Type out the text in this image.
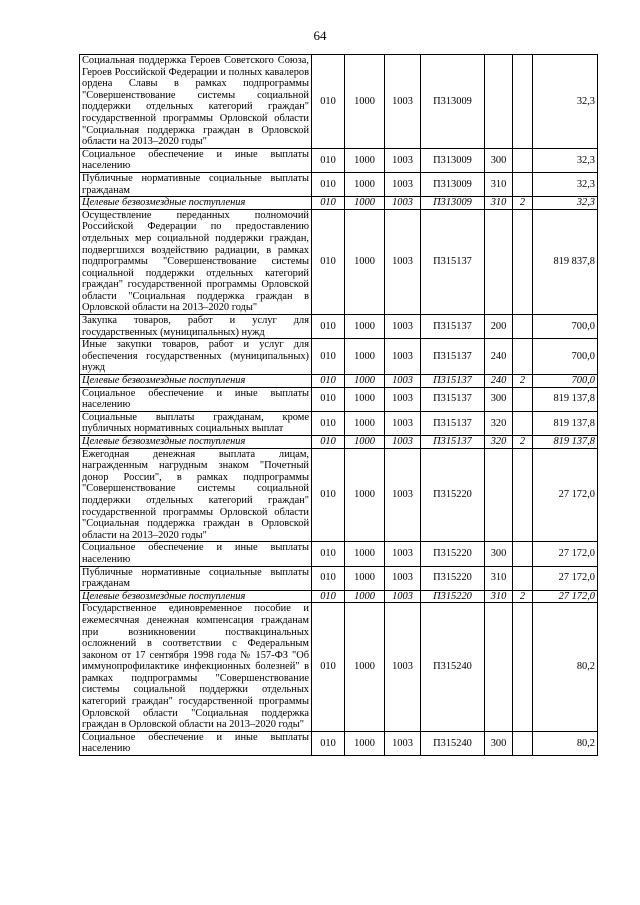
64
Социальная поддержка Героев Советского Союза, Героев Российской Федерации и полных кавалеров ордена Славы в рамках подпрограммы "Совершенствование системы социальной поддержки отдельных категорий граждан" государственной программы Орловской области "Социальная поддержка граждан в Орловской области на 2013–2020 годы"	010	1000	1003	П313009			32,3
Социальное обеспечение и иные выплаты населению	010	1000	1003	П313009	300		32,3
Публичные нормативные социальные выплаты гражданам	010	1000	1003	П313009	310		32,3
Целевые безвозмездные поступления	010	1000	1003	П313009	310	2	32,3
Осуществление переданных полномочий Российской Федерации по предоставлению отдельных мер социальной поддержки граждан, подвергшихся воздействию радиации, в рамках подпрограммы "Совершенствование системы социальной поддержки отдельных категорий граждан" государственной программы Орловской области "Социальная поддержка граждан в Орловской области на 2013–2020 годы"	010	1000	1003	П315137			819 837,8
Закупка товаров, работ и услуг для государственных (муниципальных) нужд	010	1000	1003	П315137	200		700,0
Иные закупки товаров, работ и услуг для обеспечения государственных (муниципальных) нужд	010	1000	1003	П315137	240		700,0
Целевые безвозмездные поступления	010	1000	1003	П315137	240	2	700,0
Социальное обеспечение и иные выплаты населению	010	1000	1003	П315137	300		819 137,8
Социальные выплаты гражданам, кроме публичных нормативных социальных выплат	010	1000	1003	П315137	320		819 137,8
Целевые безвозмездные поступления	010	1000	1003	П315137	320	2	819 137,8
Ежегодная денежная выплата лицам, награжденным нагрудным знаком "Почетный донор России", в рамках подпрограммы "Совершенствование системы социальной поддержки отдельных категорий граждан" государственной программы Орловской области "Социальная поддержка граждан в Орловской области на 2013–2020 годы"	010	1000	1003	П315220			27 172,0
Социальное обеспечение и иные выплаты населению	010	1000	1003	П315220	300		27 172,0
Публичные нормативные социальные выплаты гражданам	010	1000	1003	П315220	310		27 172,0
Целевые безвозмездные поступления	010	1000	1003	П315220	310	2	27 172,0
Государственное единовременное пособие и ежемесячная денежная компенсация гражданам при возникновении поствакцинальных осложнений в соответствии с Федеральным законом от 17 сентября 1998 года № 157-ФЗ "Об иммунопрофилактике инфекционных болезней" в рамках подпрограммы "Совершенствование системы социальной поддержки отдельных категорий граждан" государственной программы Орловской области "Социальная поддержка граждан в Орловской области на 2013–2020 годы"	010	1000	1003	П315240			80,2
Социальное обеспечение и иные выплаты населению	010	1000	1003	П315240	300		80,2
